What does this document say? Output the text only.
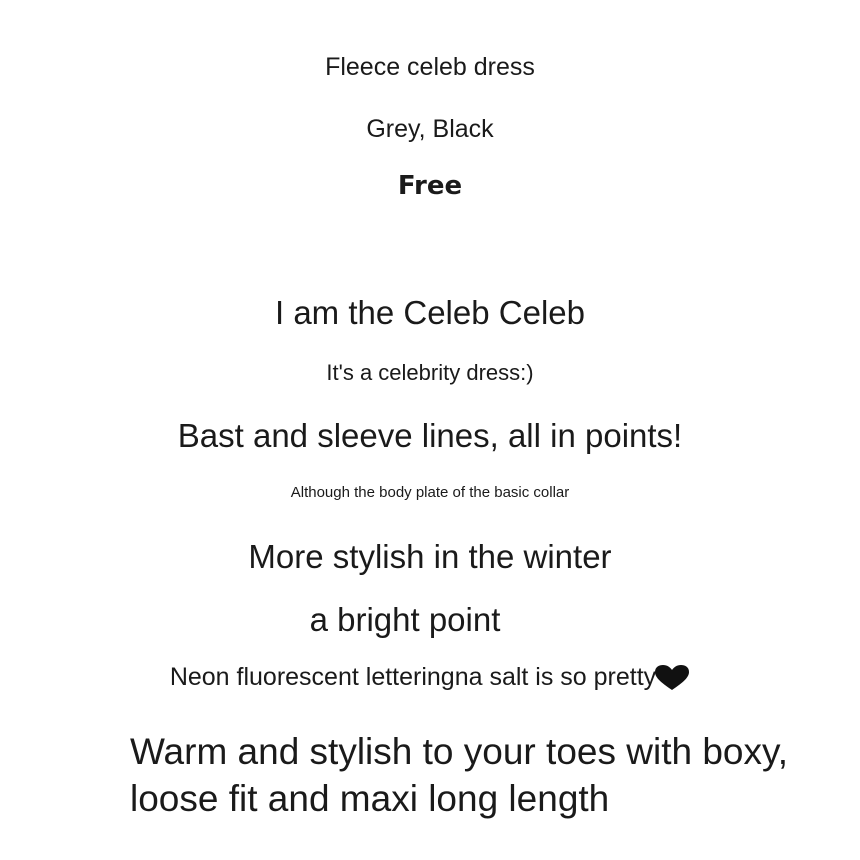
Fleece celeb dress
Grey, Black
Free
I am the Celeb Celeb
It's a celebrity dress:)
Bast and sleeve lines, all in points!
Although the body plate of the basic collar
More stylish in the winter
a bright point
Neon fluorescent letteringna salt is so pretty
Warm and stylish to your toes with boxy, loose fit and maxi long length
